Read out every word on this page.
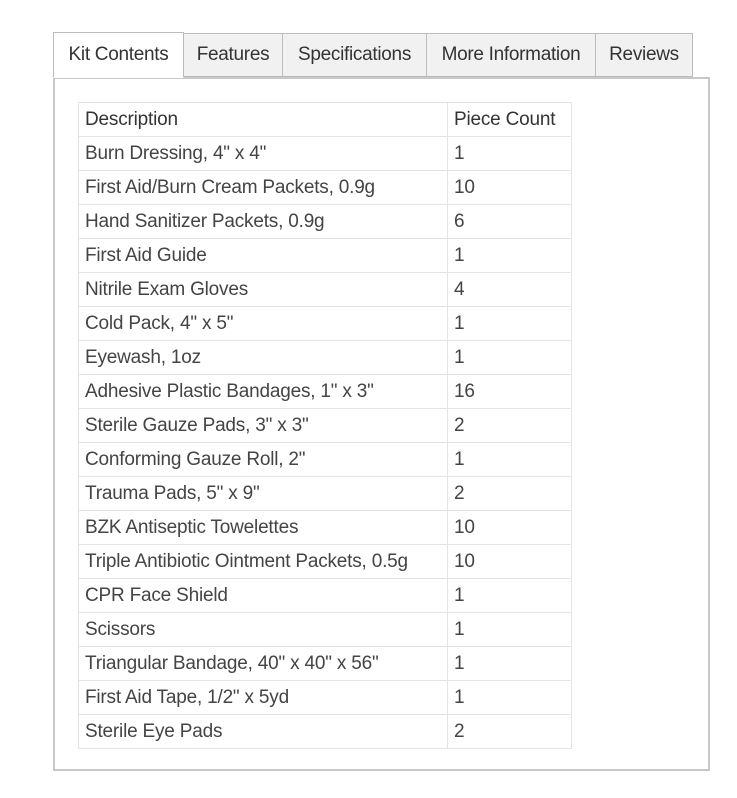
Kit Contents	Features	Specifications	More Information	Reviews
Description	Piece Count
Burn Dressing, 4" x 4"	1
First Aid/Burn Cream Packets, 0.9g	10
Hand Sanitizer Packets, 0.9g	6
First Aid Guide	1
Nitrile Exam Gloves	4
Cold Pack, 4" x 5"	1
Eyewash, 1oz	1
Adhesive Plastic Bandages, 1" x 3"	16
Sterile Gauze Pads, 3" x 3"	2
Conforming Gauze Roll, 2"	1
Trauma Pads, 5" x 9"	2
BZK Antiseptic Towelettes	10
Triple Antibiotic Ointment Packets, 0.5g	10
CPR Face Shield	1
Scissors	1
Triangular Bandage, 40" x 40" x 56"	1
First Aid Tape, 1/2" x 5yd	1
Sterile Eye Pads	2
